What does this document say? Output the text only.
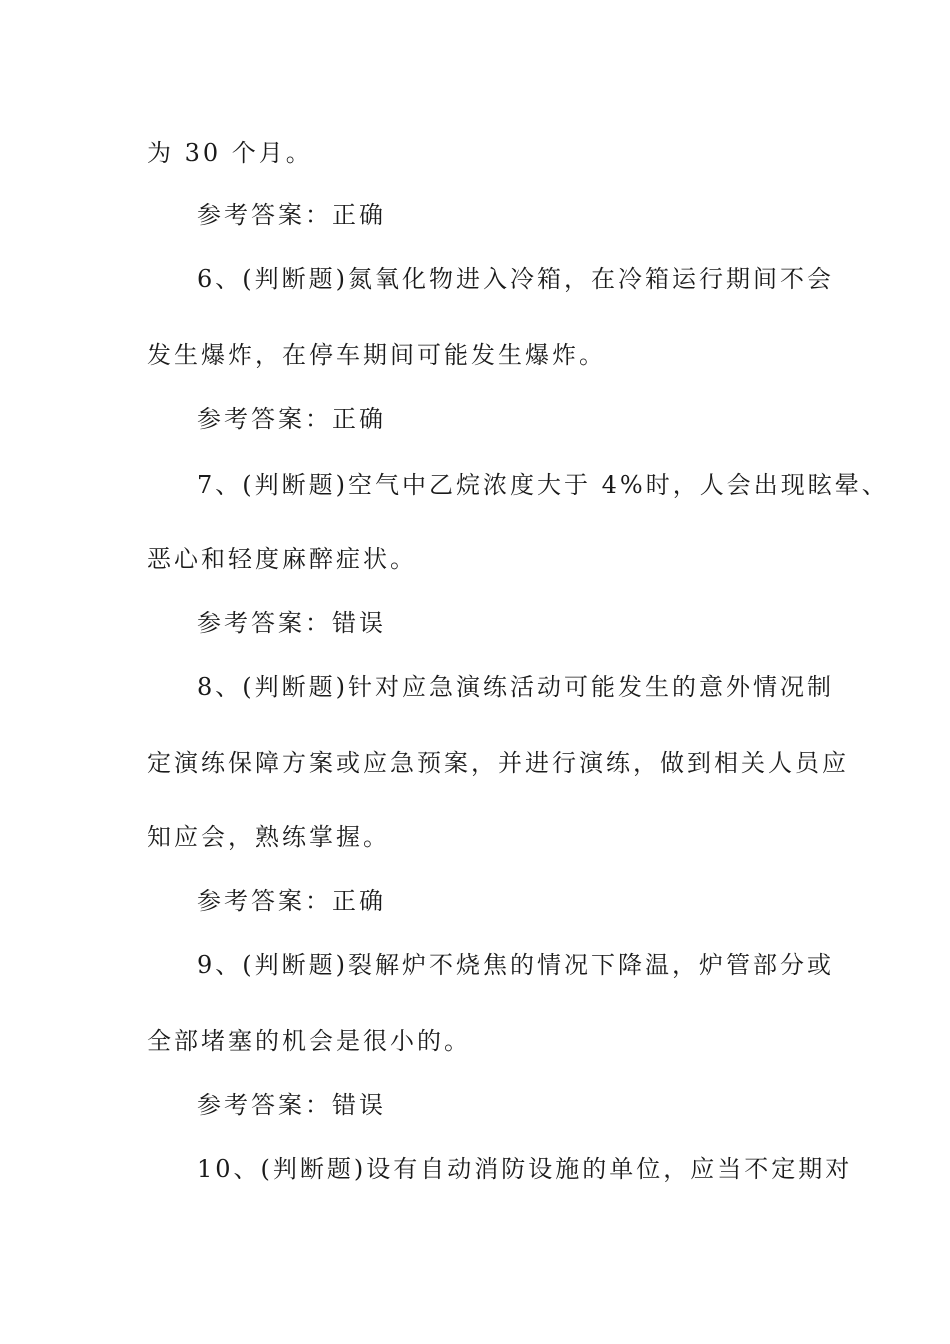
为 30 个月。
参考答案：正确
6、(判断题)氮氧化物进入冷箱，在冷箱运行期间不会
发生爆炸，在停车期间可能发生爆炸。
参考答案：正确
7、(判断题)空气中乙烷浓度大于 4%时，人会出现眩晕、
恶心和轻度麻醉症状。
参考答案：错误
8、(判断题)针对应急演练活动可能发生的意外情况制
定演练保障方案或应急预案，并进行演练，做到相关人员应
知应会，熟练掌握。
参考答案：正确
9、(判断题)裂解炉不烧焦的情况下降温，炉管部分或
全部堵塞的机会是很小的。
参考答案：错误
10、(判断题)设有自动消防设施的单位，应当不定期对
